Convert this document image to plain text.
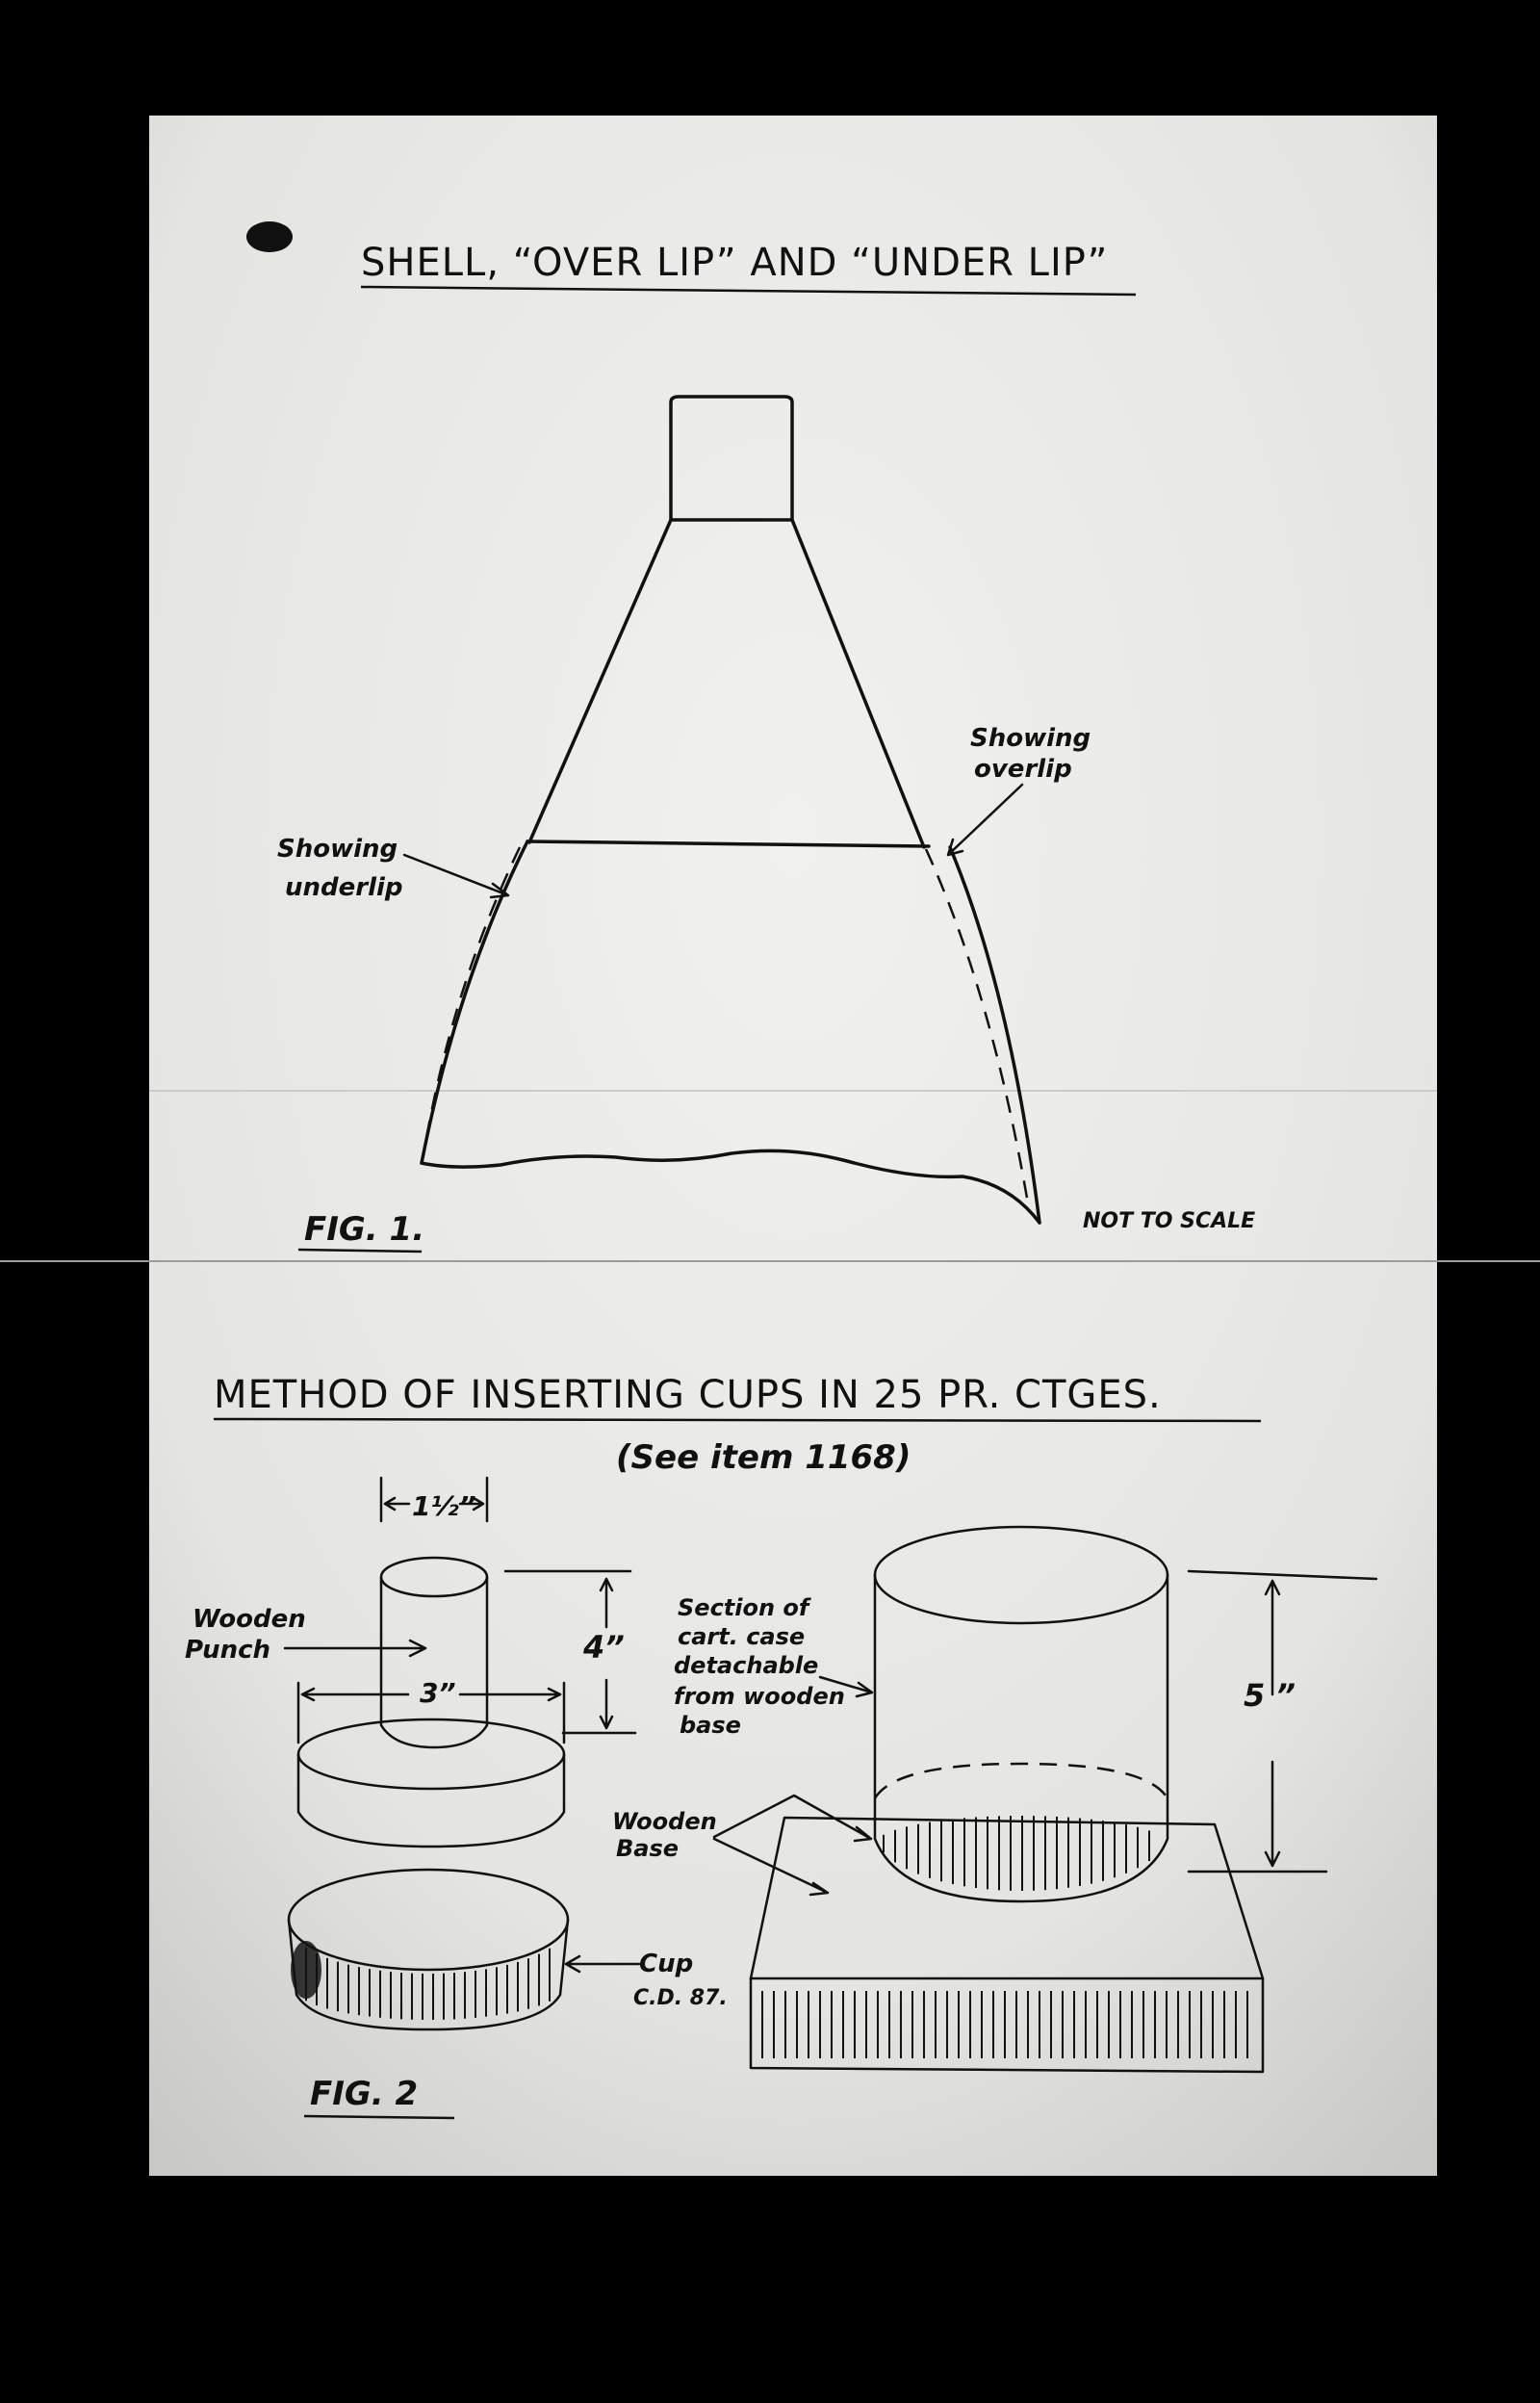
SHELL, “OVER LIP” AND “UNDER LIP”
Showing
underlip
Showing
overlip
FIG. 1.	NOT TO SCALE
METHOD OF INSERTING CUPS IN 25 PR. CTGES.
(See item 1168)
1½”
4”
3”
Wooden
Punch
Cup
C.D. 87.
FIG. 2
5 ”
Section of
cart. case
detachable
from wooden
base
Wooden
Base
